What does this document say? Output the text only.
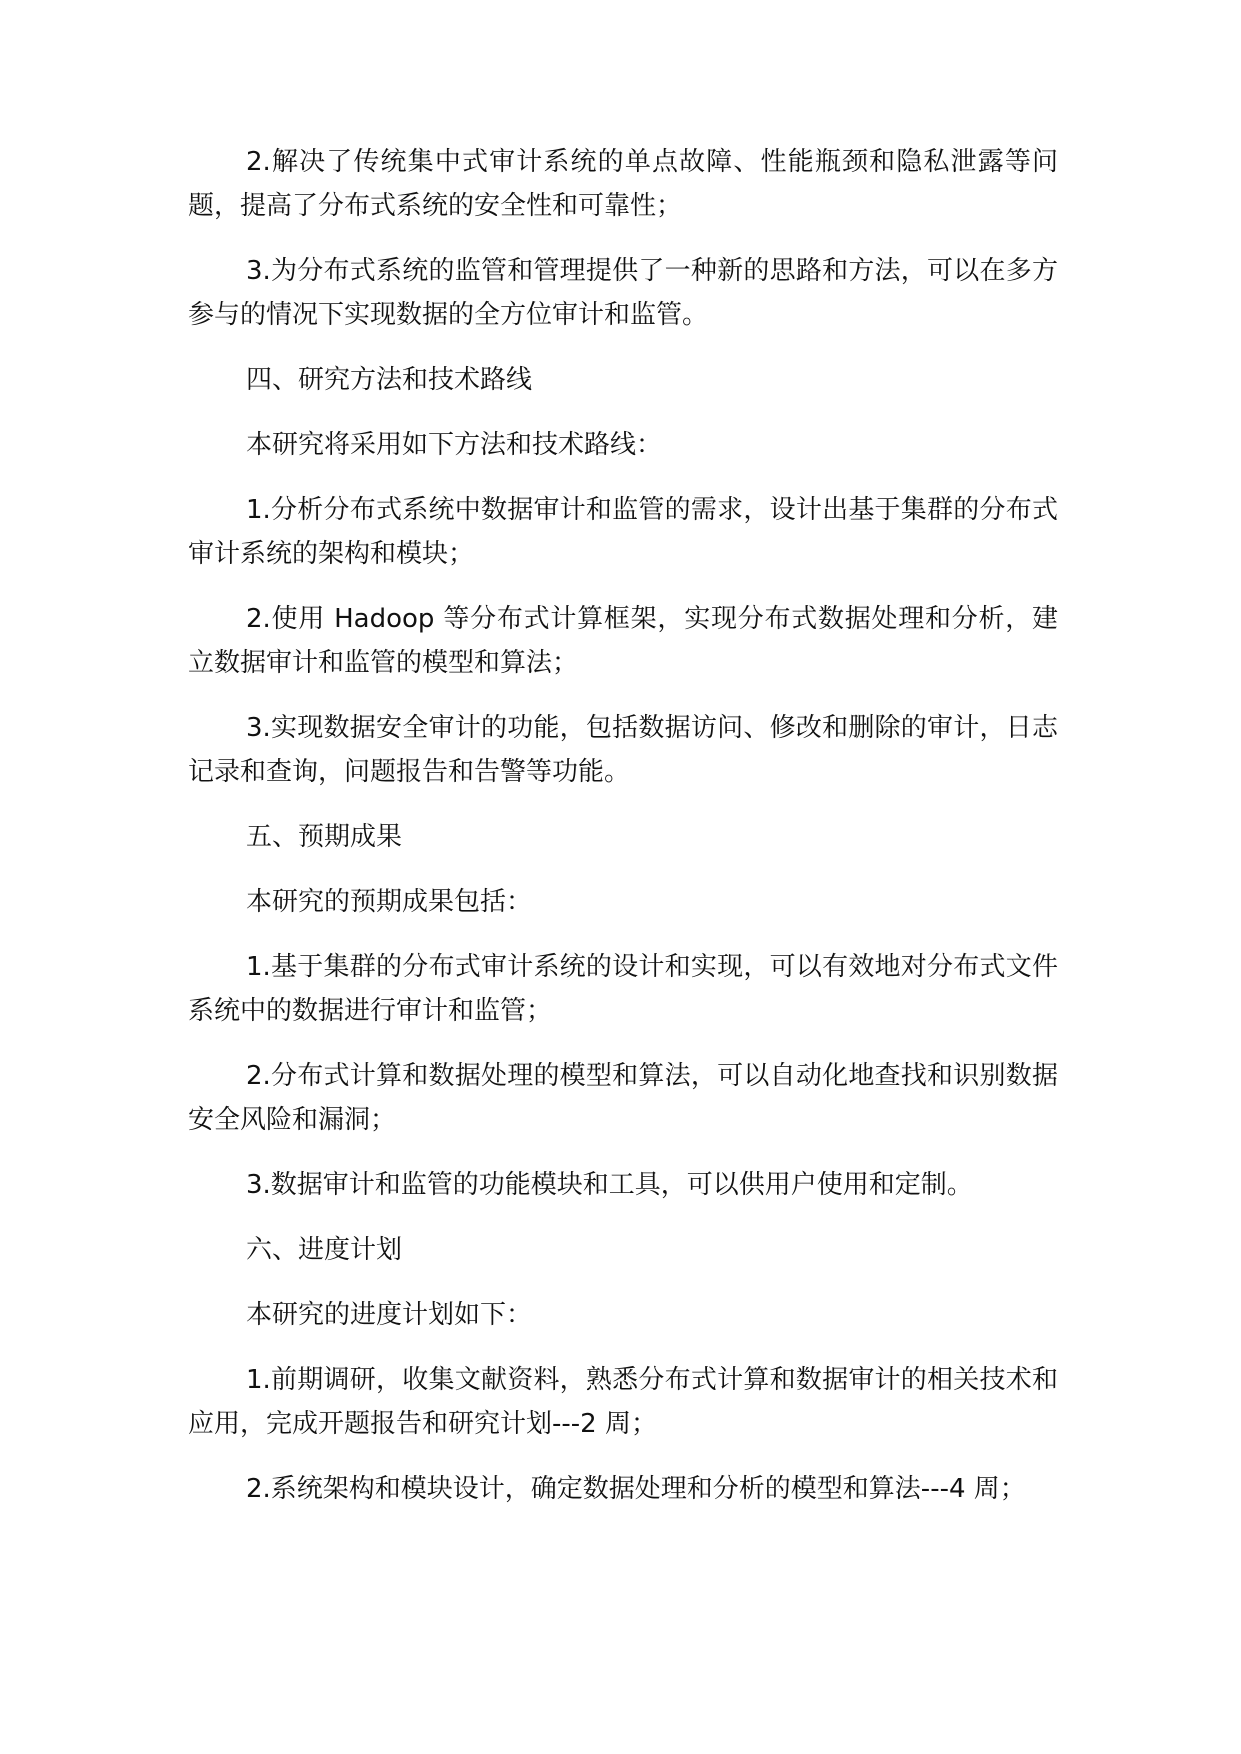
2.解决了传统集中式审计系统的单点故障、性能瓶颈和隐私泄露等问题，提高了分布式系统的安全性和可靠性；

3.为分布式系统的监管和管理提供了一种新的思路和方法，可以在多方参与的情况下实现数据的全方位审计和监管。

四、研究方法和技术路线

本研究将采用如下方法和技术路线：

1.分析分布式系统中数据审计和监管的需求，设计出基于集群的分布式审计系统的架构和模块；

2.使用 Hadoop 等分布式计算框架，实现分布式数据处理和分析，建立数据审计和监管的模型和算法；

3.实现数据安全审计的功能，包括数据访问、修改和删除的审计，日志记录和查询，问题报告和告警等功能。

五、预期成果

本研究的预期成果包括：

1.基于集群的分布式审计系统的设计和实现，可以有效地对分布式文件系统中的数据进行审计和监管；

2.分布式计算和数据处理的模型和算法，可以自动化地查找和识别数据安全风险和漏洞；

3.数据审计和监管的功能模块和工具，可以供用户使用和定制。

六、进度计划

本研究的进度计划如下：

1.前期调研，收集文献资料，熟悉分布式计算和数据审计的相关技术和应用，完成开题报告和研究计划---2 周；

2.系统架构和模块设计，确定数据处理和分析的模型和算法---4 周；
